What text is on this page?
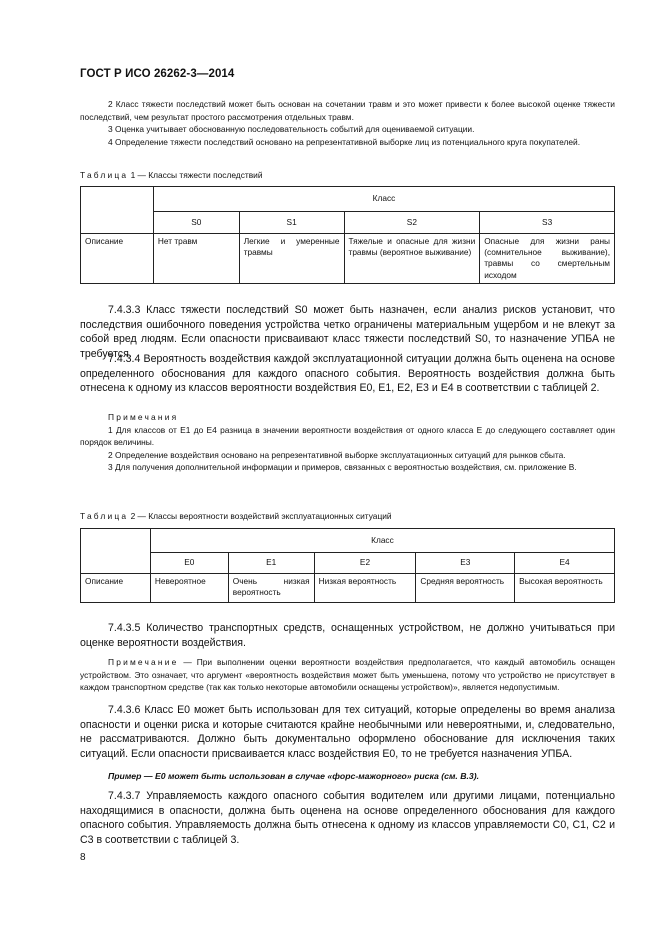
ГОСТ Р ИСО 26262-3—2014

2 Класс тяжести последствий может быть основан на сочетании травм и это может привести к более высокой оценке тяжести последствий, чем результат простого рассмотрения отдельных травм.

3 Оценка учитывает обоснованную последовательность событий для оцениваемой ситуации.

4 Определение тяжести последствий основано на репрезентативной выборке лиц из потенциального круга покупателей.

Таблица 1 — Классы тяжести последствий
	Класс			
	S0	S1	S2	S3
Описание	Нет травм	Легкие и умеренные травмы	Тяжелые и опасные для жизни травмы (вероятное выживание)	Опасные для жизни раны (сомнительное выживание), травмы со смертельным исходом

7.4.3.3 Класс тяжести последствий S0 может быть назначен, если анализ рисков установит, что последствия ошибочного поведения устройства четко ограничены материальным ущербом и не влекут за собой вред людям. Если опасности присваивают класс тяжести последствий S0, то назначение УПБА не требуется.

7.4.3.4 Вероятность воздействия каждой эксплуатационной ситуации должна быть оценена на основе определенного обоснования для каждого опасного события. Вероятность воздействия должна быть отнесена к одному из классов вероятности воздействия E0, E1, E2, E3 и E4 в соответствии с таблицей 2.

Примечания

1 Для классов от E1 до E4 разница в значении вероятности воздействия от одного класса E до следующего составляет один порядок величины.

2 Определение воздействия основано на репрезентативной выборке эксплуатационных ситуаций для рынков сбыта.

3 Для получения дополнительной информации и примеров, связанных с вероятностью воздействия, см. приложение B.

Таблица 2 — Классы вероятности воздействий эксплуатационных ситуаций
	Класс				
	E0	E1	E2	E3	E4
Описание	Невероятное	Очень низкая вероятность	Низкая вероятность	Средняя вероятность	Высокая вероятность

7.4.3.5 Количество транспортных средств, оснащенных устройством, не должно учитываться при оценке вероятности воздействия.

Примечание — При выполнении оценки вероятности воздействия предполагается, что каждый автомобиль оснащен устройством. Это означает, что аргумент «вероятность воздействия может быть уменьшена, потому что устройство не присутствует в каждом транспортном средстве (так как только некоторые автомобили оснащены устройством)», является недопустимым.

7.4.3.6 Класс E0 может быть использован для тех ситуаций, которые определены во время анализа опасности и оценки риска и которые считаются крайне необычными или невероятными, и, следовательно, не рассматриваются. Должно быть документально оформлено обоснование для исключения таких ситуаций. Если опасности присваивается класс воздействия E0, то не требуется назначения УПБА.

Пример — E0 может быть использован в случае «форс-мажорного» риска (см. B.3).

7.4.3.7 Управляемость каждого опасного события водителем или другими лицами, потенциально находящимися в опасности, должна быть оценена на основе определенного обоснования для каждого опасного события. Управляемость должна быть отнесена к одному из классов управляемости C0, C1, C2 и C3 в соответствии с таблицей 3.

8
